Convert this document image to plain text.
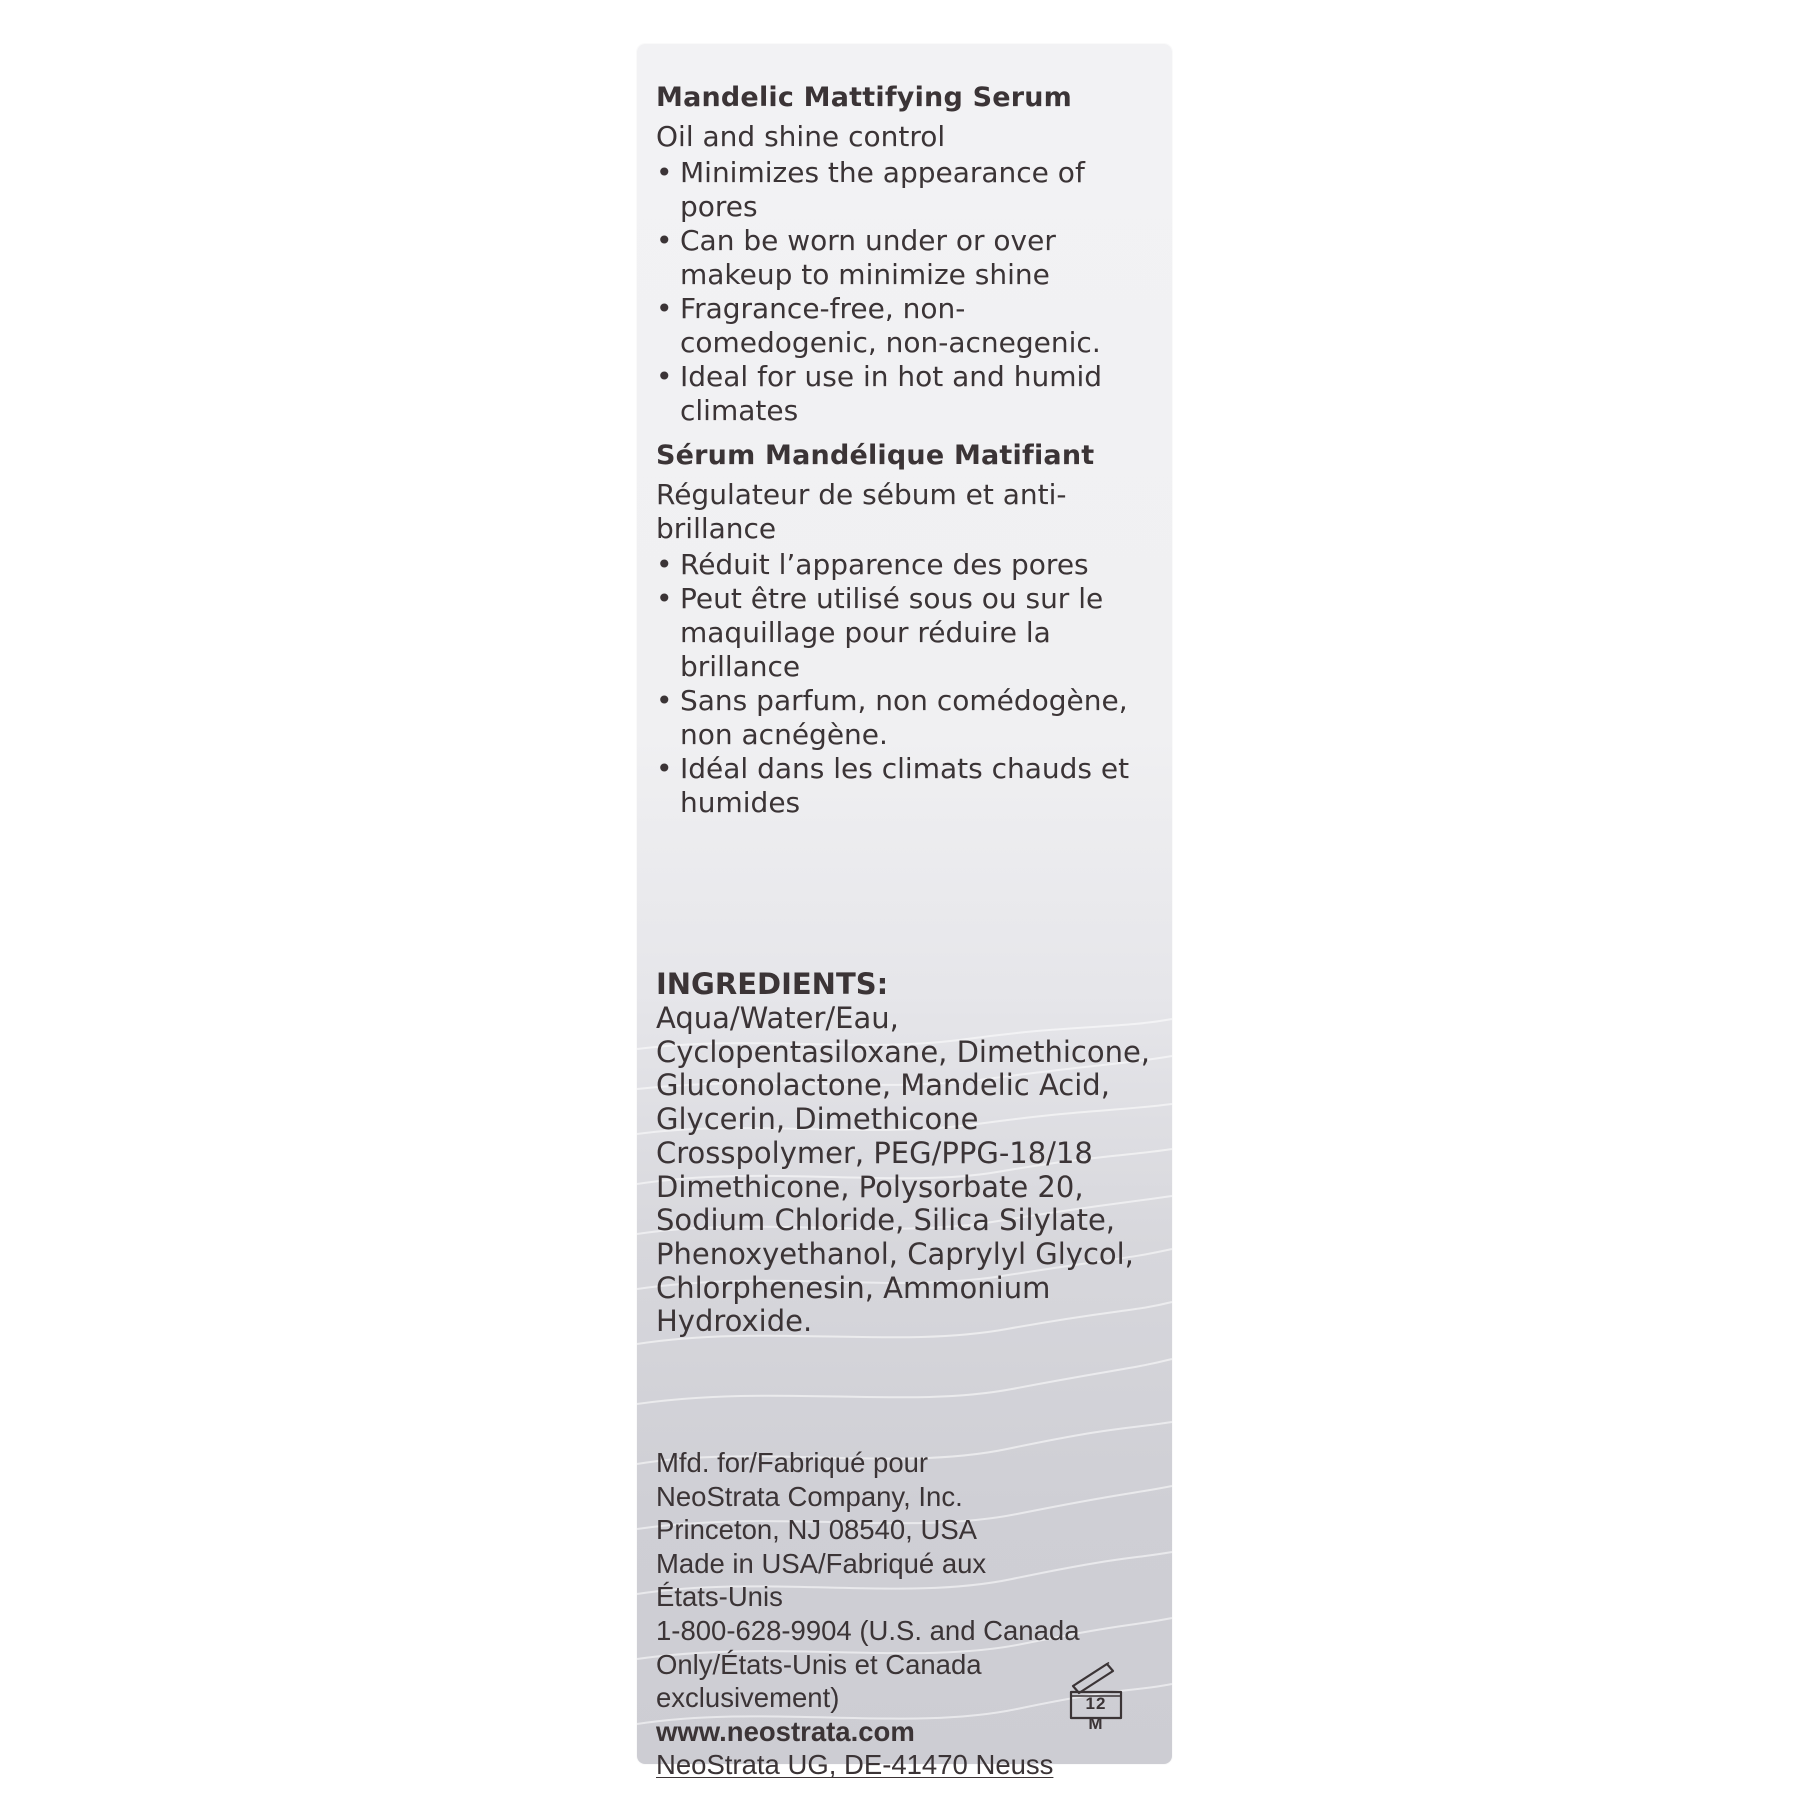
Mandelic Mattifying Serum
Oil and shine control
• Minimizes the appearance of pores
• Can be worn under or over makeup to minimize shine
• Fragrance-free, non-comedogenic, non-acnegenic.
• Ideal for use in hot and humid climates
Sérum Mandélique Matifiant
Régulateur de sébum et anti-brillance
• Réduit l’apparence des pores
• Peut être utilisé sous ou sur le maquillage pour réduire la brillance
• Sans parfum, non comédogène, non acnégène.
• Idéal dans les climats chauds et humides
INGREDIENTS:
Aqua/Water/Eau, Cyclopentasiloxane, Dimethicone, Gluconolactone, Mandelic Acid, Glycerin, Dimethicone Crosspolymer, PEG/PPG-18/18 Dimethicone, Polysorbate 20, Sodium Chloride, Silica Silylate, Phenoxyethanol, Caprylyl Glycol, Chlorphenesin, Ammonium Hydroxide.
Mfd. for/Fabriqué pour
NeoStrata Company, Inc.
Princeton, NJ 08540, USA
Made in USA/Fabriqué aux
États-Unis
1-800-628-9904 (U.S. and Canada
Only/États-Unis et Canada
exclusivement)
www.neostrata.com
NeoStrata UG, DE-41470 Neuss
12 M
